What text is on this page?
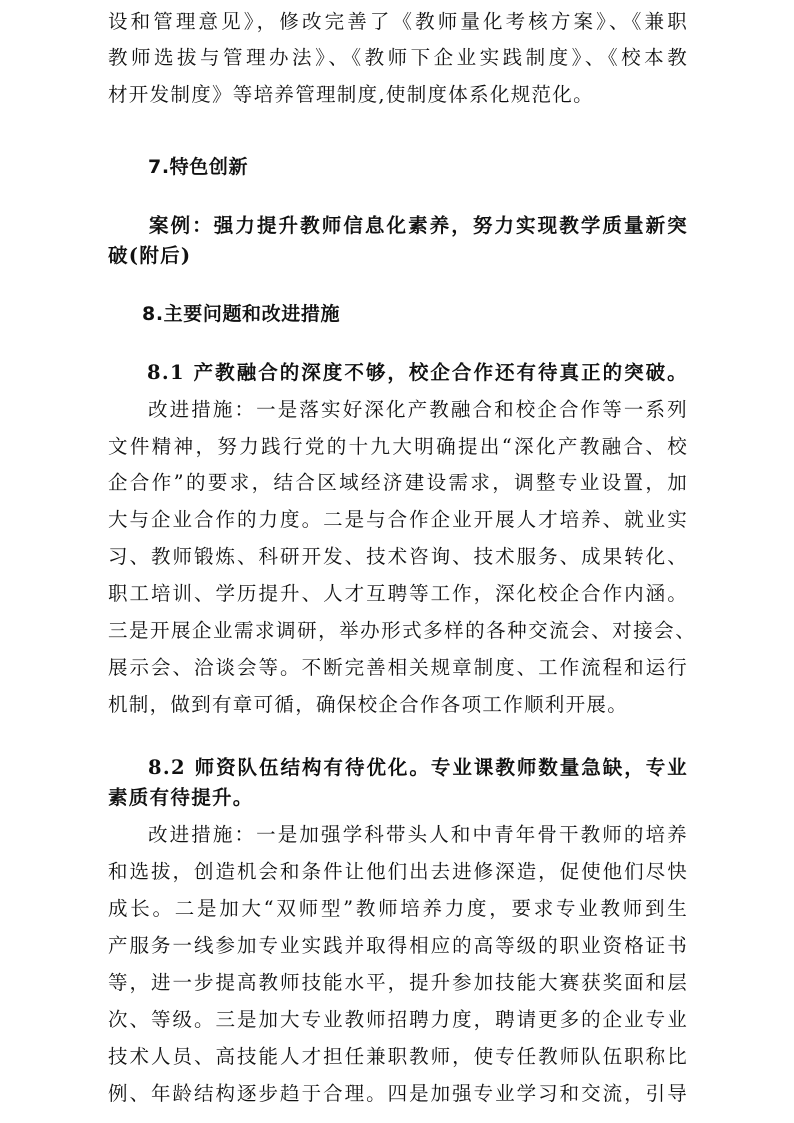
设和管理意见》，修改完善了《教师量化考核方案》、《兼职
教师选拔与管理办法》、《教师下企业实践制度》、《校本教
材开发制度》等培养管理制度,使制度体系化规范化。
7.特色创新
案例：强力提升教师信息化素养，努力实现教学质量新突
破(附后)
8.主要问题和改进措施
8.1 产教融合的深度不够，校企合作还有待真正的突破。
改进措施：一是落实好深化产教融合和校企合作等一系列
文件精神，努力践行党的十九大明确提出“深化产教融合、校
企合作”的要求，结合区域经济建设需求，调整专业设置，加
大与企业合作的力度。二是与合作企业开展人才培养、就业实
习、教师锻炼、科研开发、技术咨询、技术服务、成果转化、
职工培训、学历提升、人才互聘等工作，深化校企合作内涵。
三是开展企业需求调研，举办形式多样的各种交流会、对接会、
展示会、洽谈会等。不断完善相关规章制度、工作流程和运行
机制，做到有章可循，确保校企合作各项工作顺利开展。
8.2 师资队伍结构有待优化。专业课教师数量急缺，专业
素质有待提升。
改进措施：一是加强学科带头人和中青年骨干教师的培养
和选拔，创造机会和条件让他们出去进修深造，促使他们尽快
成长。二是加大“双师型”教师培养力度，要求专业教师到生
产服务一线参加专业实践并取得相应的高等级的职业资格证书
等，进一步提高教师技能水平，提升参加技能大赛获奖面和层
次、等级。三是加大专业教师招聘力度，聘请更多的企业专业
技术人员、高技能人才担任兼职教师，使专任教师队伍职称比
例、年龄结构逐步趋于合理。四是加强专业学习和交流，引导
